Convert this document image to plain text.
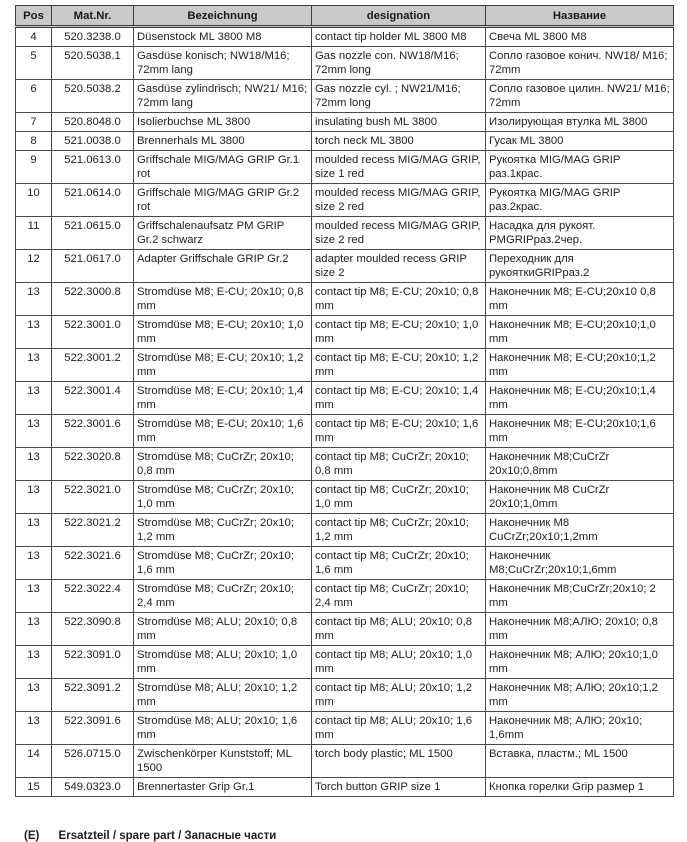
Pos	Mat.Nr.	Bezeichnung	designation	Название
4	520.3238.0	Düsenstock ML 3800 M8	contact tip holder ML 3800 M8	Свеча ML 3800 M8
5	520.5038.1	Gasdüse konisch; NW18/M16; 72mm lang	Gas nozzle con. NW18/M16; 72mm long	Сопло газовое конич. NW18/ M16; 72mm
6	520.5038.2	Gasdüse zylindrisch; NW21/ M16; 72mm lang	Gas nozzle cyl. ; NW21/M16; 72mm long	Сопло газовое цилин. NW21/ M16; 72mm
7	520.8048.0	Isolierbuchse ML 3800	insulating bush ML 3800	Изолирующая втулка ML 3800
8	521.0038.0	Brennerhals ML 3800	torch neck ML 3800	Гусак ML 3800
9	521.0613.0	Griffschale MIG/MAG GRIP Gr.1 rot	moulded recess MIG/MAG GRIP, size 1 red	Рукоятка MIG/MAG GRIP раз.1крас.
10	521.0614.0	Griffschale MIG/MAG GRIP Gr.2 rot	moulded recess MIG/MAG GRIP, size 2 red	Рукоятка MIG/MAG GRIP раз.2крас.
11	521.0615.0	Griffschalenaufsatz PM GRIP Gr.2 schwarz	moulded recess MIG/MAG GRIP, size 2 red	Насадка для рукоят. PMGRIPраз.2чер.
12	521.0617.0	Adapter Griffschale GRIP Gr.2	adapter moulded recess GRIP size 2	Переходник для рукояткиGRIPраз.2
13	522.3000.8	Stromdüse M8; E-CU; 20x10; 0,8 mm	contact tip M8; E-CU; 20x10; 0,8 mm	Наконечник M8; E-CU;20x10 0,8 mm
13	522.3001.0	Stromdüse M8; E-CU; 20x10; 1,0 mm	contact tip M8; E-CU; 20x10; 1,0 mm	Наконечник M8; E-CU;20x10;1,0 mm
13	522.3001.2	Stromdüse M8; E-CU; 20x10; 1,2 mm	contact tip M8; E-CU; 20x10; 1,2 mm	Наконечник M8; E-CU;20x10;1,2 mm
13	522.3001.4	Stromdüse M8; E-CU; 20x10; 1,4 mm	contact tip M8; E-CU; 20x10; 1,4 mm	Наконечник M8; E-CU;20x10;1,4 mm
13	522.3001.6	Stromdüse M8; E-CU; 20x10; 1,6 mm	contact tip M8; E-CU; 20x10; 1,6 mm	Наконечник M8; E-CU;20x10;1,6 mm
13	522.3020.8	Stromdüse M8; CuCrZr; 20x10; 0,8 mm	contact tip M8; CuCrZr; 20x10; 0,8 mm	Наконечник M8;CuCrZr 20x10;0,8mm
13	522.3021.0	Stromdüse M8; CuCrZr; 20x10; 1,0 mm	contact tip M8; CuCrZr; 20x10; 1,0 mm	Наконечник M8 CuCrZr 20x10;1,0mm
13	522.3021.2	Stromdüse M8; CuCrZr; 20x10; 1,2 mm	contact tip M8; CuCrZr; 20x10; 1,2 mm	Наконечник M8 CuCrZr;20x10;1,2mm
13	522.3021.6	Stromdüse M8; CuCrZr; 20x10; 1,6 mm	contact tip M8; CuCrZr; 20x10; 1,6 mm	Наконечник M8;CuCrZr;20x10;1,6mm
13	522.3022.4	Stromdüse M8; CuCrZr; 20x10; 2,4 mm	contact tip M8; CuCrZr; 20x10; 2,4 mm	Наконечник M8;CuCrZr;20x10; 2 mm
13	522.3090.8	Stromdüse M8; ALU; 20x10; 0,8 mm	contact tip M8; ALU; 20x10; 0,8 mm	Наконечник M8;АЛЮ; 20x10; 0,8 mm
13	522.3091.0	Stromdüse M8; ALU; 20x10; 1,0 mm	contact tip M8; ALU; 20x10; 1,0 mm	Наконечник M8; АЛЮ; 20x10;1,0 mm
13	522.3091.2	Stromdüse M8; ALU; 20x10; 1,2 mm	contact tip M8; ALU; 20x10; 1,2 mm	Наконечник M8; АЛЮ; 20x10;1,2 mm
13	522.3091.6	Stromdüse M8; ALU; 20x10; 1,6 mm	contact tip M8; ALU; 20x10; 1,6 mm	Наконечник M8; АЛЮ; 20x10; 1,6mm
14	526.0715.0	Zwischenkörper Kunststoff; ML 1500	torch body plastic; ML 1500	Вставка, пластм.; ML 1500
15	549.0323.0	Brennertaster Grip Gr.1	Torch button GRIP size 1	Кнопка горелки Grip размер 1
(E) Ersatzteil / spare part / Запасные части
